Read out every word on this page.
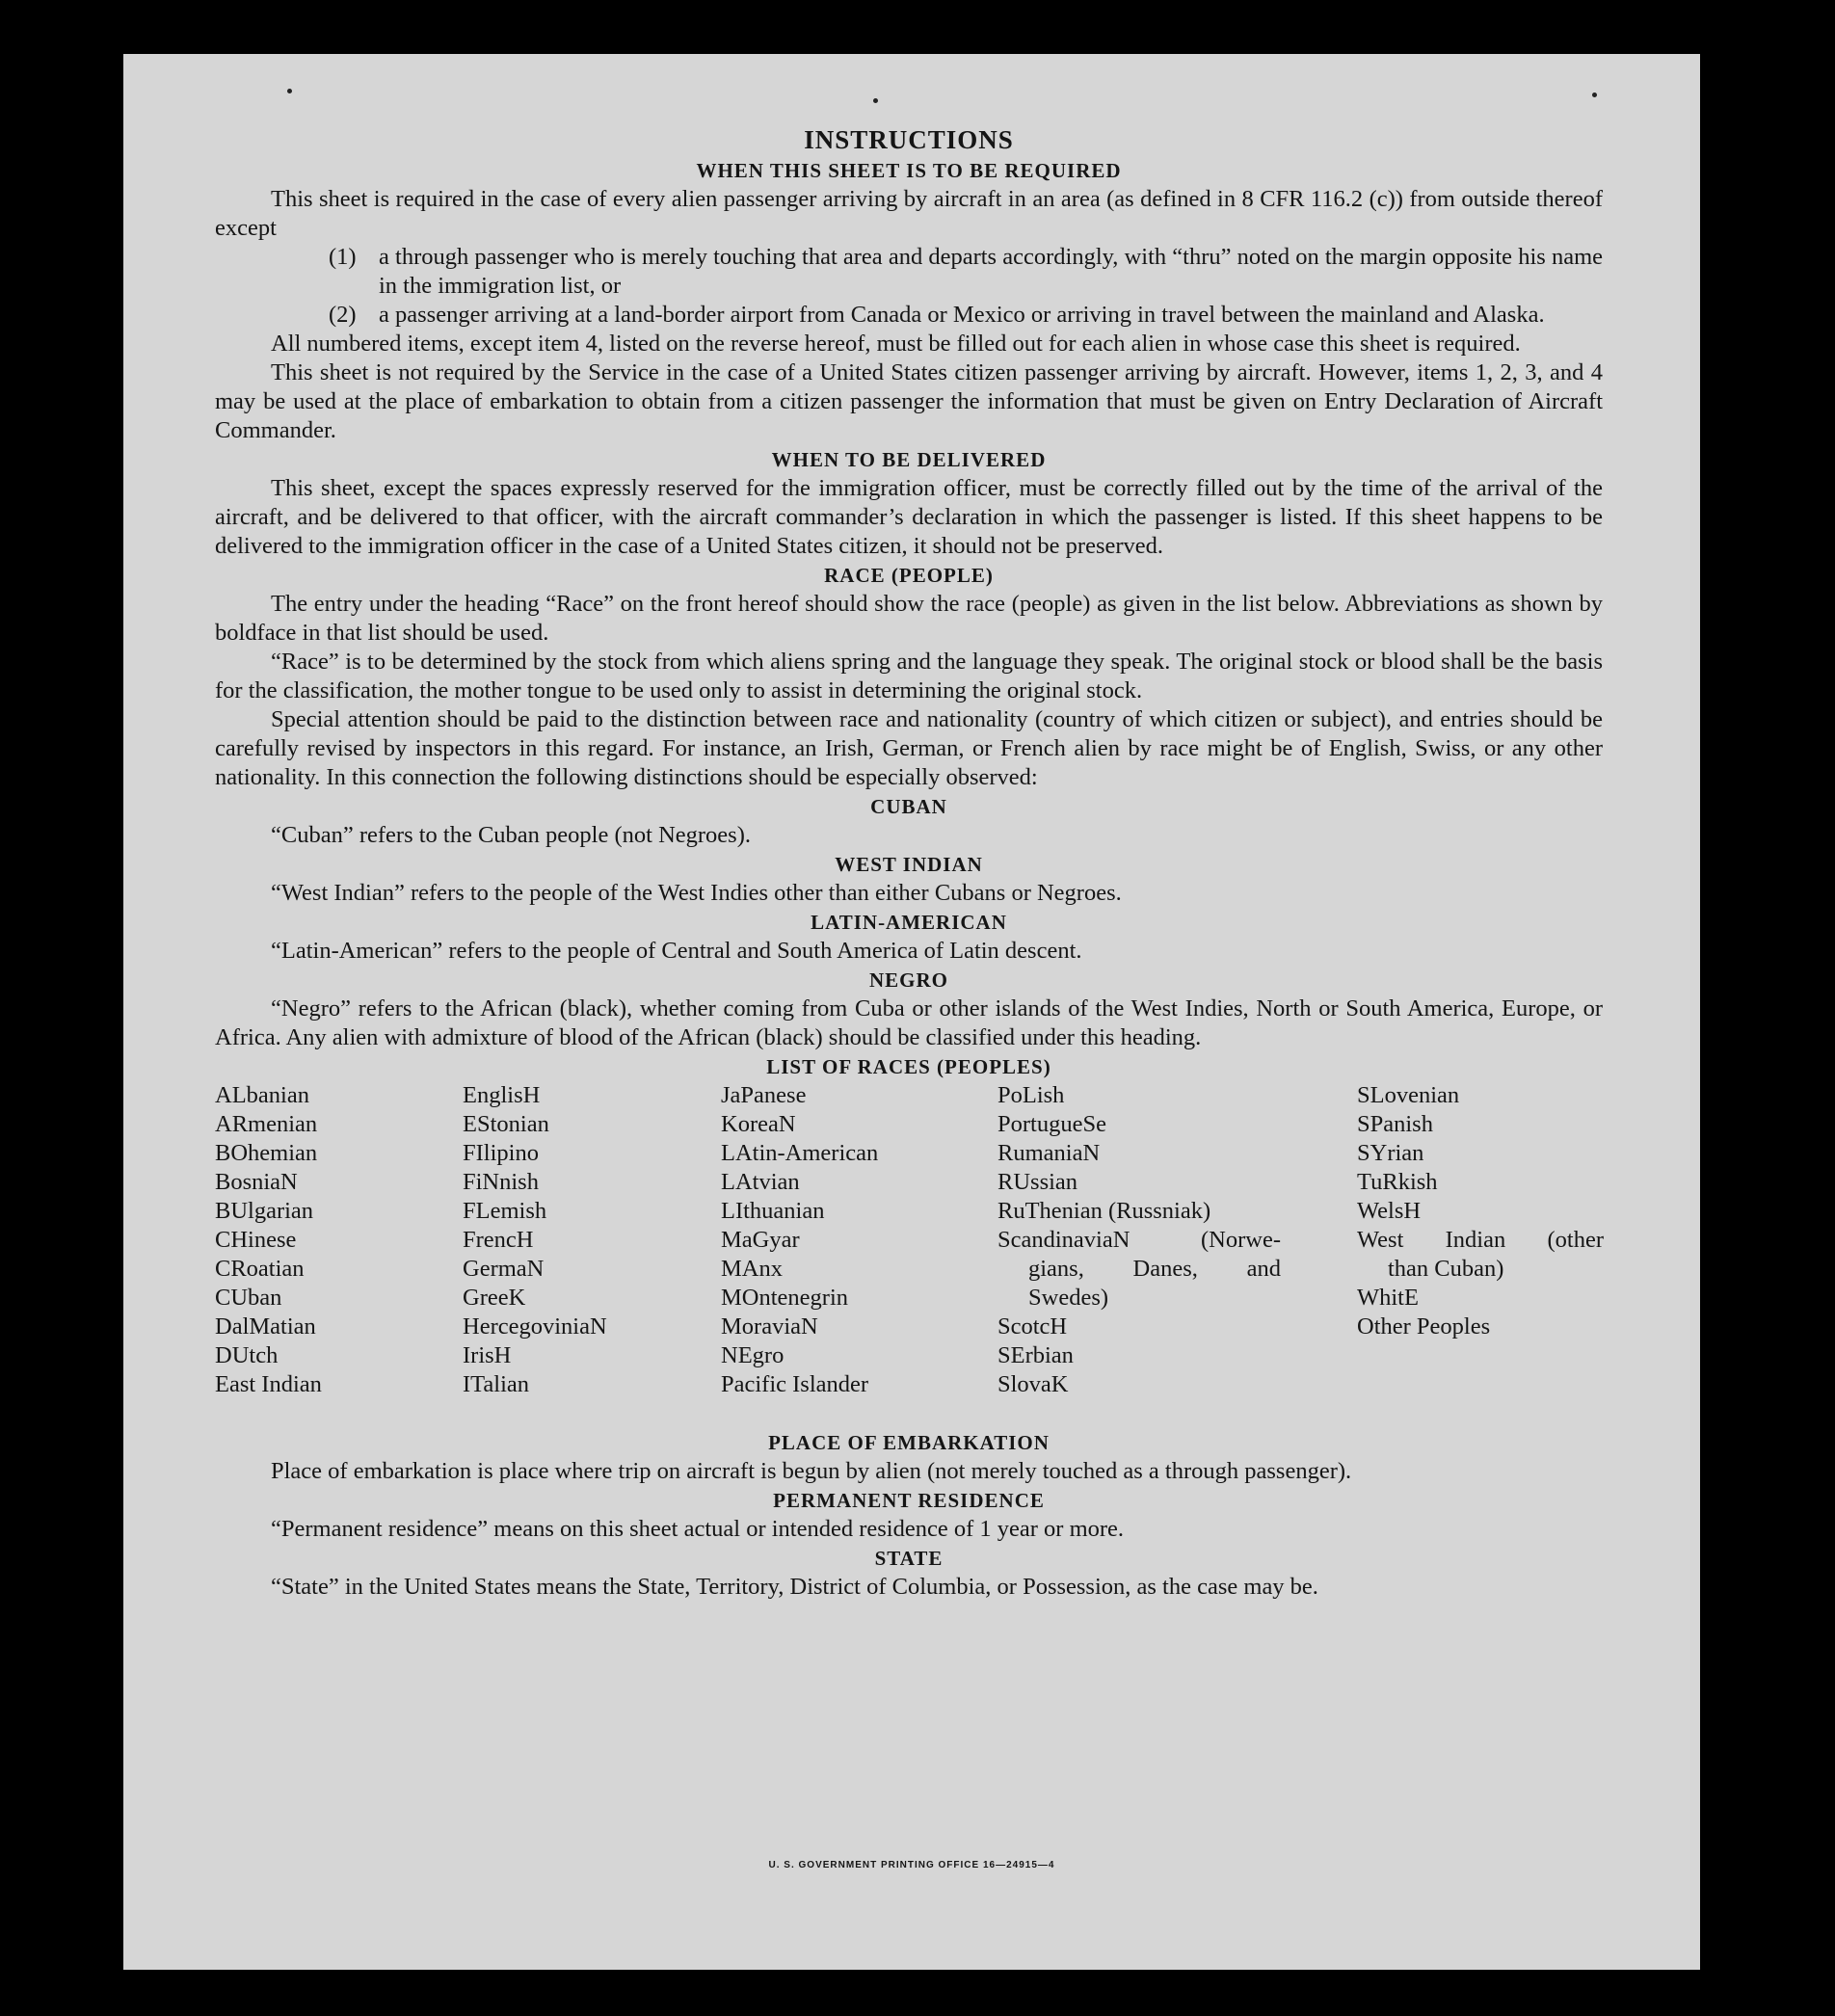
INSTRUCTIONS
WHEN THIS SHEET IS TO BE REQUIRED

This sheet is required in the case of every alien passenger arriving by aircraft in an area (as defined in 8 CFR 116.2 (c)) from outside thereof except

(1) a through passenger who is merely touching that area and departs accordingly, with “thru” noted on the margin opposite his name in the immigration list, or

(2) a passenger arriving at a land-border airport from Canada or Mexico or arriving in travel between the mainland and Alaska.

All numbered items, except item 4, listed on the reverse hereof, must be filled out for each alien in whose case this sheet is required.

This sheet is not required by the Service in the case of a United States citizen passenger arriving by aircraft. However, items 1, 2, 3, and 4 may be used at the place of embarkation to obtain from a citizen passenger the information that must be given on Entry Declaration of Aircraft Commander.

WHEN TO BE DELIVERED

This sheet, except the spaces expressly reserved for the immigration officer, must be correctly filled out by the time of the arrival of the aircraft, and be delivered to that officer, with the aircraft commander’s declaration in which the passenger is listed. If this sheet happens to be delivered to the immigration officer in the case of a United States citizen, it should not be preserved.

RACE (PEOPLE)

The entry under the heading “Race” on the front hereof should show the race (people) as given in the list below. Abbreviations as shown by boldface in that list should be used.

“Race” is to be determined by the stock from which aliens spring and the language they speak. The original stock or blood shall be the basis for the classification, the mother tongue to be used only to assist in determining the original stock.

Special attention should be paid to the distinction between race and nationality (country of which citizen or subject), and entries should be carefully revised by inspectors in this regard. For instance, an Irish, German, or French alien by race might be of English, Swiss, or any other nationality. In this connection the following distinctions should be especially observed:

CUBAN

“Cuban” refers to the Cuban people (not Negroes).

WEST INDIAN

“West Indian” refers to the people of the West Indies other than either Cubans or Negroes.

LATIN-AMERICAN

“Latin-American” refers to the people of Central and South America of Latin descent.

NEGRO

“Negro” refers to the African (black), whether coming from Cuba or other islands of the West Indies, North or South America, Europe, or Africa. Any alien with admixture of blood of the African (black) should be classified under this heading.

LIST OF RACES (PEOPLES)
ALbanian
ARmenian
BOhemian
BosniaN
BUlgarian
CHinese
CRoatian
CUban
DalMatian
DUtch
East Indian
EnglisH
EStonian
FIlipino
FiNnish
FLemish
FrencH
GermaN
GreeK
HercegoviniaN
IrisH
ITalian
JaPanese
KoreaN
LAtin-American
LAtvian
LIthuanian
MaGyar
MAnx
MOntenegrin
MoraviaN
NEgro
Pacific Islander
PoLish
PortugueSe
RumaniaN
RUssian
RuThenian (Russniak)
ScandinaviaN (Norwe-
gians, Danes, and
Swedes)
ScotcH
SErbian
SlovaK
SLovenian
SPanish
SYrian
TuRkish
WelsH
West Indian (other
than Cuban)
WhitE
Other Peoples
PLACE OF EMBARKATION

Place of embarkation is place where trip on aircraft is begun by alien (not merely touched as a through passenger).

PERMANENT RESIDENCE

“Permanent residence” means on this sheet actual or intended residence of 1 year or more.

STATE

“State” in the United States means the State, Territory, District of Columbia, or Possession, as the case may be.

U. S. GOVERNMENT PRINTING OFFICE 16—24915—4
